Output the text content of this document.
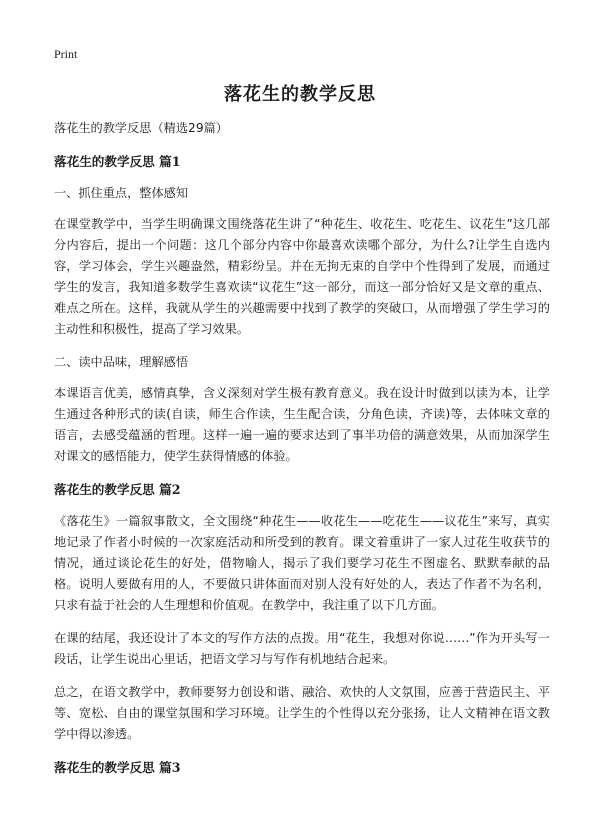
Print
落花生的教学反思

落花生的教学反思（精选29篇）

落花生的教学反思 篇1

一、抓住重点，整体感知

在课堂教学中，当学生明确课文围绕落花生讲了“种花生、收花生、吃花生、议花生”这几部分内容后，提出一个问题：这几个部分内容中你最喜欢读哪个部分，为什么?让学生自选内容，学习体会，学生兴趣盎然，精彩纷呈。并在无拘无束的自学中个性得到了发展，而通过学生的发言，我知道多数学生喜欢读“议花生”这一部分，而这一部分恰好又是文章的重点、难点之所在。这样，我就从学生的兴趣需要中找到了教学的突破口，从而增强了学生学习的主动性和积极性，提高了学习效果。

二、读中品味，理解感悟

本课语言优美，感情真挚，含义深刻对学生极有教育意义。我在设计时做到以读为本，让学生通过各种形式的读(自读，师生合作读，生生配合读，分角色读，齐读)等，去体味文章的语言，去感受蕴涵的哲理。这样一遍一遍的要求达到了事半功倍的满意效果，从而加深学生对课文的感悟能力，使学生获得情感的体验。

落花生的教学反思 篇2

《落花生》一篇叙事散文，全文围绕“种花生——收花生——吃花生——议花生”来写，真实地记录了作者小时候的一次家庭活动和所受到的教育。课文着重讲了一家人过花生收获节的情况，通过谈论花生的好处，借物喻人，揭示了我们要学习花生不图虚名、默默奉献的品格。说明人要做有用的人，不要做只讲体面而对别人没有好处的人，表达了作者不为名利，只求有益于社会的人生理想和价值观。在教学中，我注重了以下几方面。

在课的结尾，我还设计了本文的写作方法的点拨。用“花生，我想对你说……”作为开头写一段话，让学生说出心里话，把语文学习与写作有机地结合起来。

总之，在语文教学中，教师要努力创设和谐、融洽、欢快的人文氛围，应善于营造民主、平等、宽松、自由的课堂氛围和学习环境。让学生的个性得以充分张扬，让人文精神在语文教学中得以渗透。

落花生的教学反思 篇3
